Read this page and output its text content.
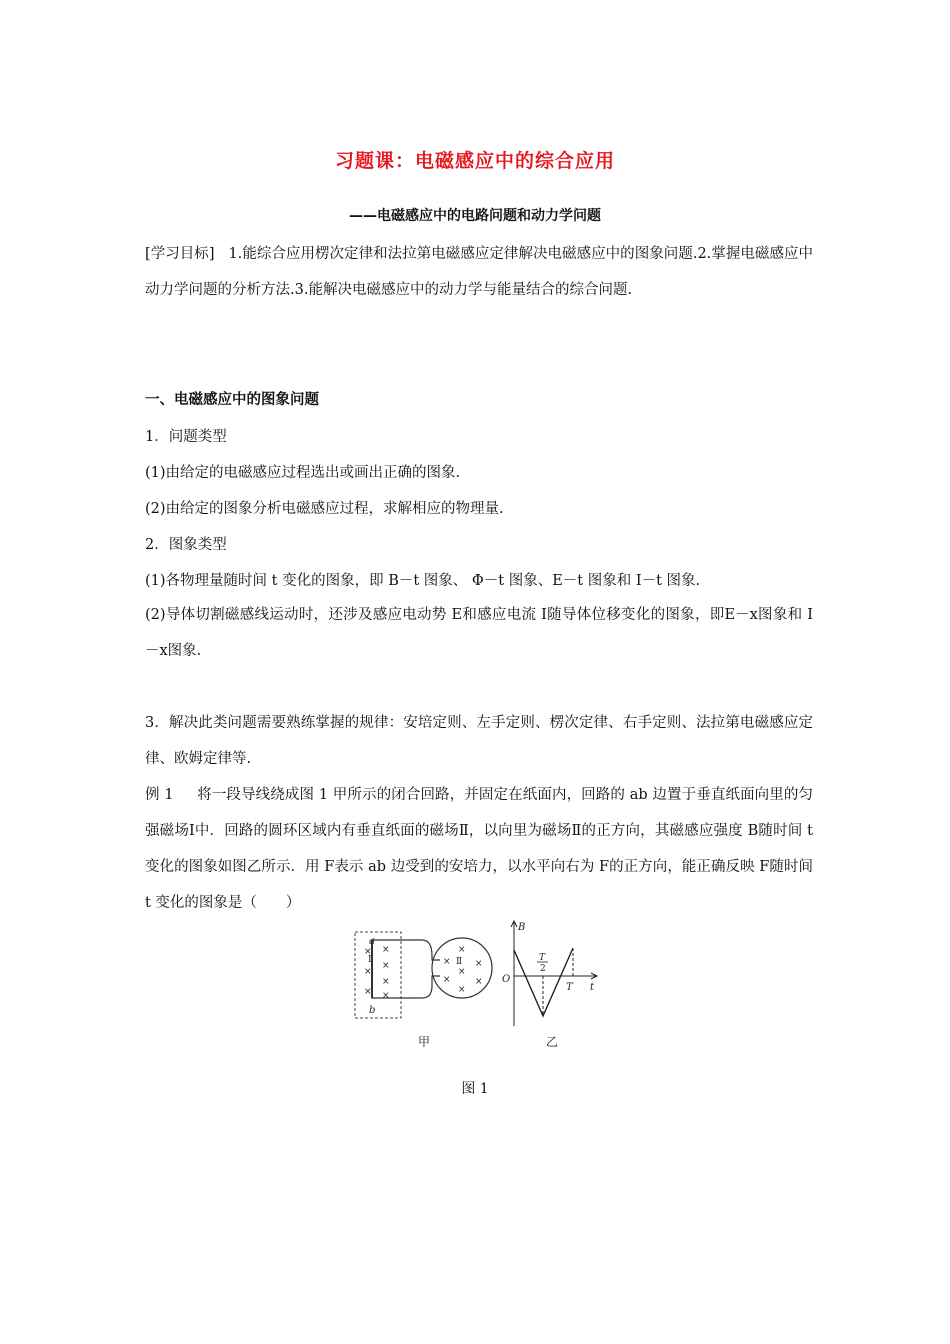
习题课：电磁感应中的综合应用
——电磁感应中的电路问题和动力学问题
[学习目标] 1.能综合应用楞次定律和法拉第电磁感应定律解决电磁感应中的图象问题.2.掌握电磁感应中动力学问题的分析方法.3.能解决电磁感应中的动力学与能量结合的综合问题.
一、电磁感应中的图象问题
1．问题类型
(1)由给定的电磁感应过程选出或画出正确的图象.
(2)由给定的图象分析电磁感应过程，求解相应的物理量.
2．图象类型
(1)各物理量随时间 t 变化的图象，即 B－t 图象、 Φ－t 图象、E－t 图象和 I－t 图象.
(2)导体切割磁感线运动时，还涉及感应电动势 E和感应电流 I随导体位移变化的图象，即E－x图象和 I－x图象.
3．解决此类问题需要熟练掌握的规律：安培定则、左手定则、楞次定律、右手定则、法拉第电磁感应定律、欧姆定律等.
例 1 将一段导线绕成图 1 甲所示的闭合回路，并固定在纸面内，回路的 ab 边置于垂直纸面向里的匀强磁场Ⅰ中．回路的圆环区域内有垂直纸面的磁场Ⅱ，以向里为磁场Ⅱ的正方向，其磁感应强度 B随时间 t 变化的图象如图乙所示．用 F表示 ab 边受到的安培力，以水平向右为 F的正方向，能正确反映 F随时间 t 变化的图象是（　　）
a
b
Ⅰ	Ⅱ
×
×
×
×
×
×
×
×
×	×
×
×	×
×
甲
B
t
O
T
2
T
乙
图 1
